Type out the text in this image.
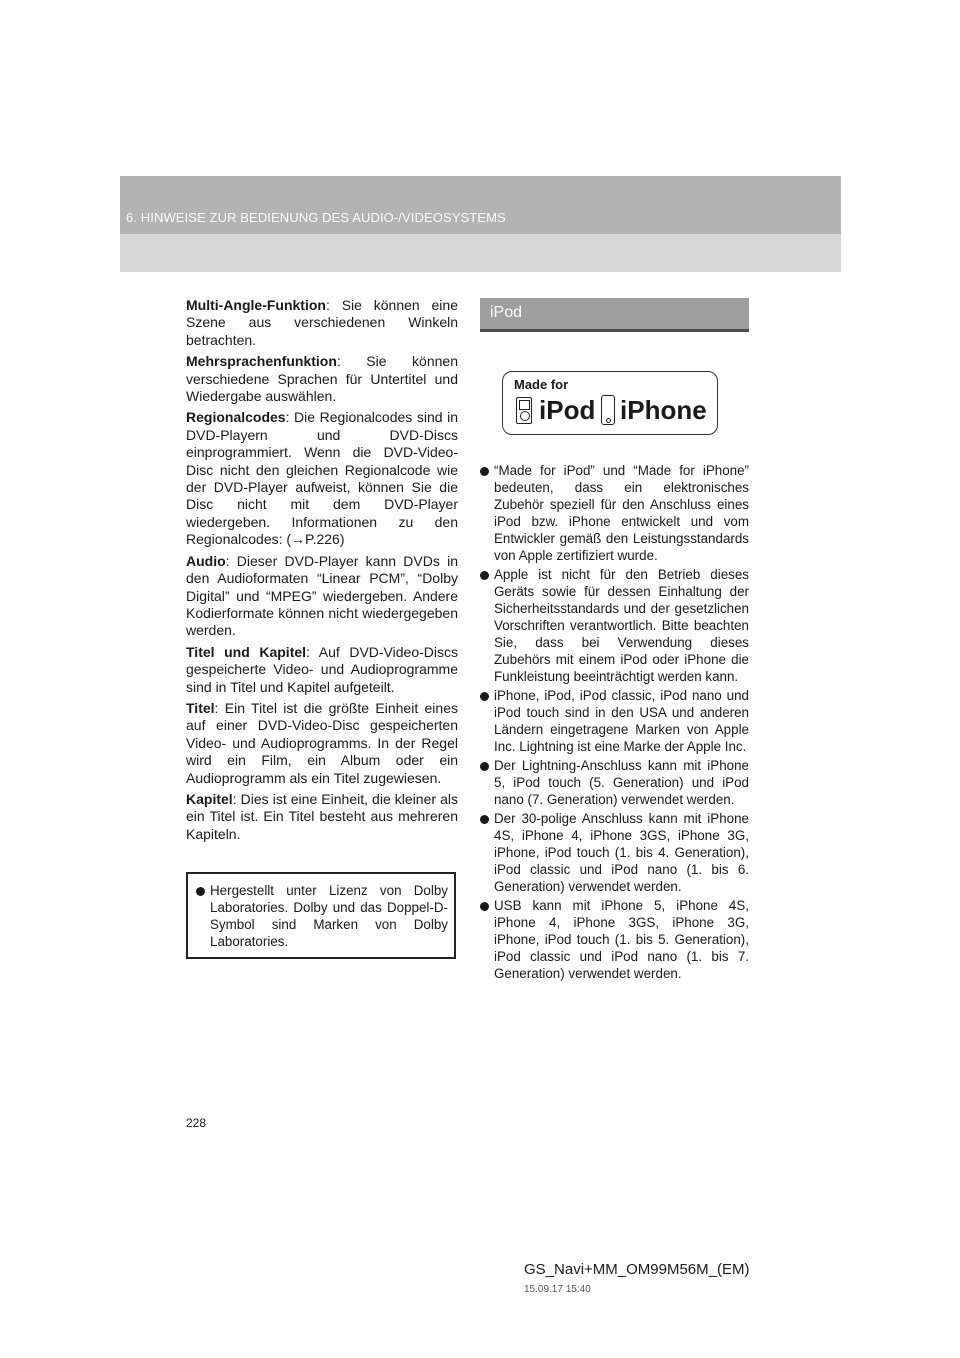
6. HINWEISE ZUR BEDIENUNG DES AUDIO-/VIDEOSYSTEMS

Multi-Angle-Funktion: Sie können eine Szene aus verschiedenen Winkeln betrachten.

Mehrsprachenfunktion: Sie können verschiedene Sprachen für Untertitel und Wiedergabe auswählen.

Regionalcodes: Die Regionalcodes sind in DVD-Playern und DVD-Discs einprogrammiert. Wenn die DVD-Video-Disc nicht den gleichen Regionalcode wie der DVD-Player aufweist, können Sie die Disc nicht mit dem DVD-Player wiedergeben. Informationen zu den Regionalcodes: (→P.226)

Audio: Dieser DVD-Player kann DVDs in den Audioformaten “Linear PCM”, “Dolby Digital” und “MPEG” wiedergeben. Andere Kodierformate können nicht wiedergegeben werden.

Titel und Kapitel: Auf DVD-Video-Discs gespeicherte Video- und Audioprogramme sind in Titel und Kapitel aufgeteilt.

Titel: Ein Titel ist die größte Einheit eines auf einer DVD-Video-Disc gespeicherten Video- und Audioprogramms. In der Regel wird ein Film, ein Album oder ein Audioprogramm als ein Titel zugewiesen.

Kapitel: Dies ist eine Einheit, die kleiner als ein Titel ist. Ein Titel besteht aus mehreren Kapiteln.

Hergestellt unter Lizenz von Dolby Laboratories. Dolby und das Doppel-D-Symbol sind Marken von Dolby Laboratories.
iPod
Made for
iPod iPhone
“Made for iPod” und “Made for iPhone” bedeuten, dass ein elektronisches Zubehör speziell für den Anschluss eines iPod bzw. iPhone entwickelt und vom Entwickler gemäß den Leistungsstandards von Apple zertifiziert wurde.
Apple ist nicht für den Betrieb dieses Geräts sowie für dessen Einhaltung der Sicherheitsstandards und der gesetzlichen Vorschriften verantwortlich. Bitte beachten Sie, dass bei Verwendung dieses Zubehörs mit einem iPod oder iPhone die Funkleistung beeinträchtigt werden kann.
iPhone, iPod, iPod classic, iPod nano und iPod touch sind in den USA und anderen Ländern eingetragene Marken von Apple Inc. Lightning ist eine Marke der Apple Inc.
Der Lightning-Anschluss kann mit iPhone 5, iPod touch (5. Generation) und iPod nano (7. Generation) verwendet werden.
Der 30-polige Anschluss kann mit iPhone 4S, iPhone 4, iPhone 3GS, iPhone 3G, iPhone, iPod touch (1. bis 4. Generation), iPod classic und iPod nano (1. bis 6. Generation) verwendet werden.
USB kann mit iPhone 5, iPhone 4S, iPhone 4, iPhone 3GS, iPhone 3G, iPhone, iPod touch (1. bis 5. Generation), iPod classic und iPod nano (1. bis 7. Generation) verwendet werden.
228
GS_Navi+MM_OM99M56M_(EM)
15.09.17 15:40
